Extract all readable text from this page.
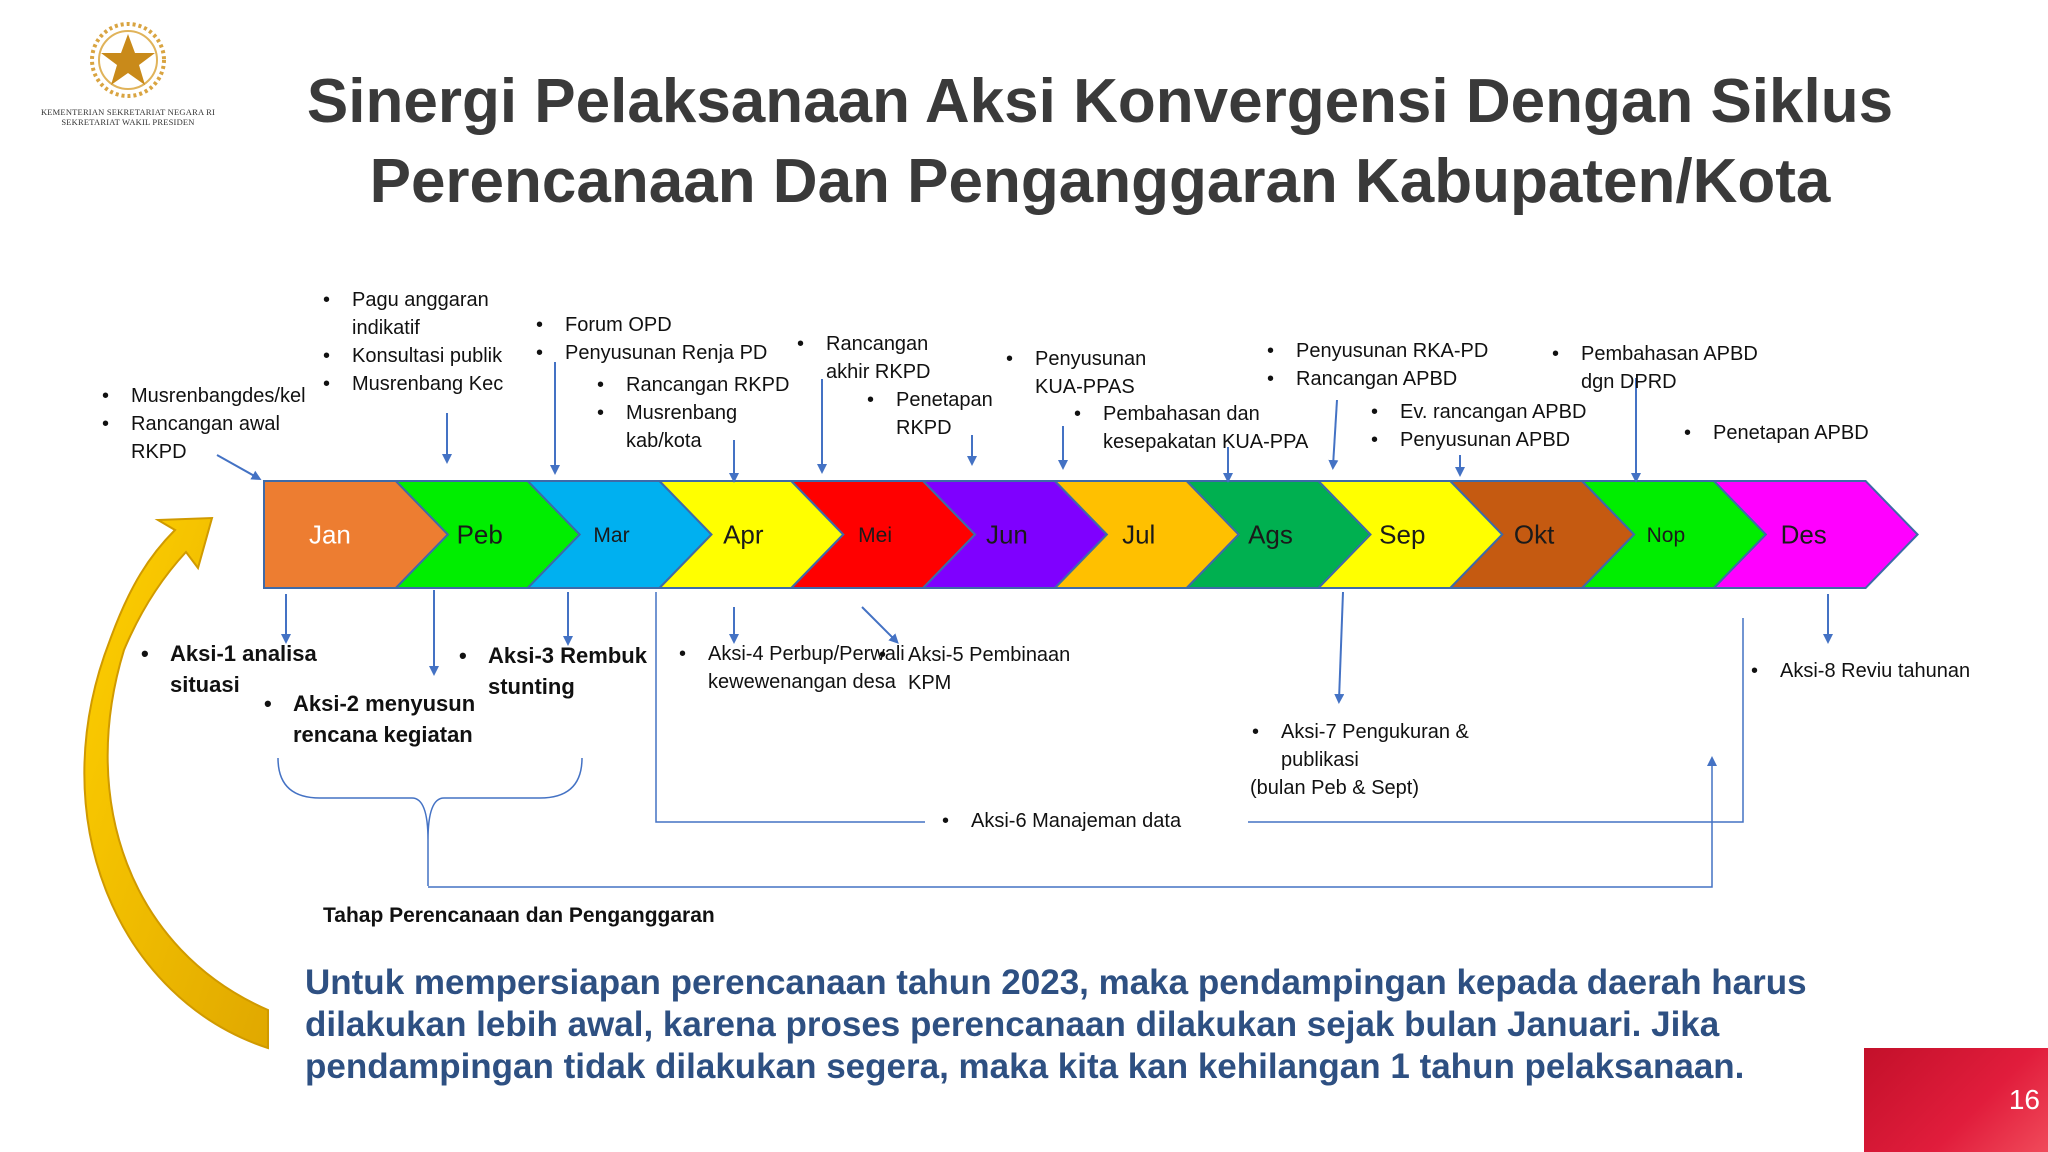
KEMENTERIAN SEKRETARIAT NEGARA RI
SEKRETARIAT WAKIL PRESIDEN	Sinergi Pelaksanaan Aksi Konvergensi Dengan Siklus
Perencanaan Dan Penganggaran Kabupaten/Kota
Jan	Peb	Mar	Apr	Mei	Jun	Jul	Ags	Sep	Okt	Nop	Des
• Musrenbangdes/kel
• Rancangan awal RKPD
• Pagu anggaran indikatif
• Konsultasi publik
• Musrenbang Kec
• Forum OPD
• Penyusunan Renja PD
• Rancangan RKPD
• Musrenbang kab/kota
• Rancangan akhir RKPD
• Penetapan RKPD
• Penyusunan KUA-PPAS
• Pembahasan dan kesepakatan KUA-PPA
• Penyusunan RKA-PD
• Rancangan APBD
• Ev. rancangan APBD
• Penyusunan APBD
• Pembahasan APBD dgn DPRD
• Penetapan APBD
• Aksi-1 analisa situasi
• Aksi-2 menyusun rencana kegiatan
• Aksi-3 Rembuk stunting
• Aksi-4 Perbup/Perwali kewewenangan desa
• Aksi-5 Pembinaan KPM
• Aksi-6 Manajeman data
• Aksi-7 Pengukuran & publikasi
(bulan Peb & Sept)
• Aksi-8 Reviu tahunan
Tahap Perencanaan dan Penganggaran
Untuk mempersiapan perencanaan tahun 2023, maka pendampingan kepada daerah harus dilakukan lebih awal, karena proses perencanaan dilakukan sejak bulan Januari. Jika pendampingan tidak dilakukan segera, maka kita kan kehilangan 1 tahun pelaksanaan.
16
